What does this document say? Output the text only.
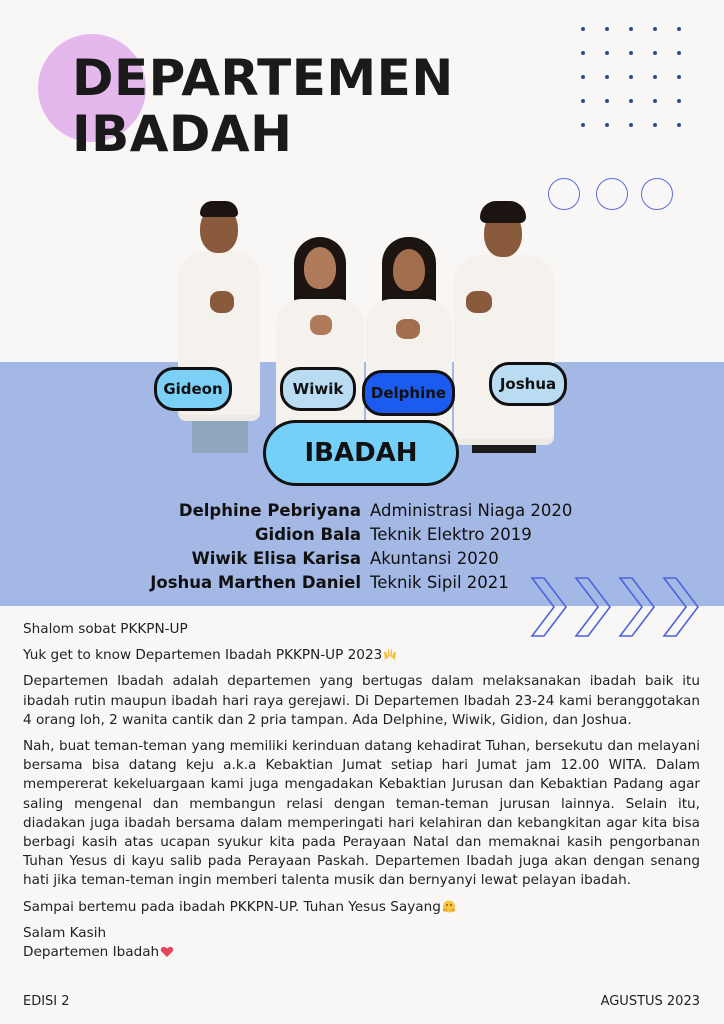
DEPARTEMEN
IBADAH
Gideon	Wiwik	Delphine	Joshua
IBADAH
Delphine Pebriyana Administrasi Niaga 2020
Gidion Bala Teknik Elektro 2019
Wiwik Elisa Karisa Akuntansi 2020
Joshua Marthen Daniel Teknik Sipil 2021

Shalom sobat PKKPN-UP

Yuk get to know Departemen Ibadah PKKPN-UP 2023

Departemen Ibadah adalah departemen yang bertugas dalam melaksanakan ibadah baik itu ibadah rutin maupun ibadah hari raya gerejawi. Di Departemen Ibadah 23-24 kami beranggotakan 4 orang loh, 2 wanita cantik dan 2 pria tampan. Ada Delphine, Wiwik, Gidion, dan Joshua.

Nah, buat teman-teman yang memiliki kerinduan datang kehadirat Tuhan, bersekutu dan melayani bersama bisa datang keju a.k.a Kebaktian Jumat setiap hari Jumat jam 12.00 WITA. Dalam mempererat kekeluargaan kami juga mengadakan Kebaktian Jurusan dan Kebaktian Padang agar saling mengenal dan membangun relasi dengan teman-teman jurusan lainnya. Selain itu, diadakan juga ibadah bersama dalam memperingati hari kelahiran dan kebangkitan agar kita bisa berbagi kasih atas ucapan syukur kita pada Perayaan Natal dan memaknai kasih pengorbanan Tuhan Yesus di kayu salib pada Perayaan Paskah. Departemen Ibadah juga akan dengan senang hati jika teman-teman ingin memberi talenta musik dan bernyanyi lewat pelayan ibadah.

Sampai bertemu pada ibadah PKKPN-UP. Tuhan Yesus Sayang

Salam Kasih
Departemen Ibadah

EDISI 2	AGUSTUS 2023
